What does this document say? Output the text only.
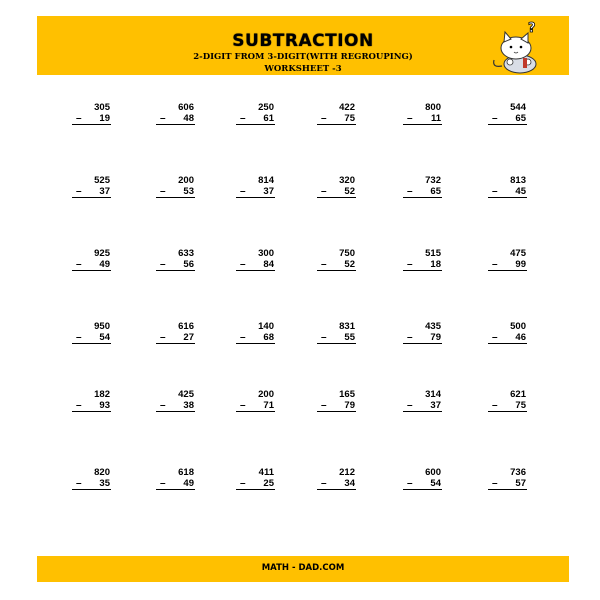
SUBTRACTION
2-DIGIT FROM 3-DIGIT(WITH REGROUPING)
WORKSHEET -3
?
305
– 19
606
– 48
250
– 61
422
– 75
800
– 11
544
– 65
525
– 37
200
– 53
814
– 37
320
– 52
732
– 65
813
– 45
925
– 49
633
– 56
300
– 84
750
– 52
515
– 18
475
– 99
950
– 54
616
– 27
140
– 68
831
– 55
435
– 79
500
– 46
182
– 93
425
– 38
200
– 71
165
– 79
314
– 37
621
– 75
820
– 35
618
– 49
411
– 25
212
– 34
600
– 54
736
– 57
MATH - DAD.COM
